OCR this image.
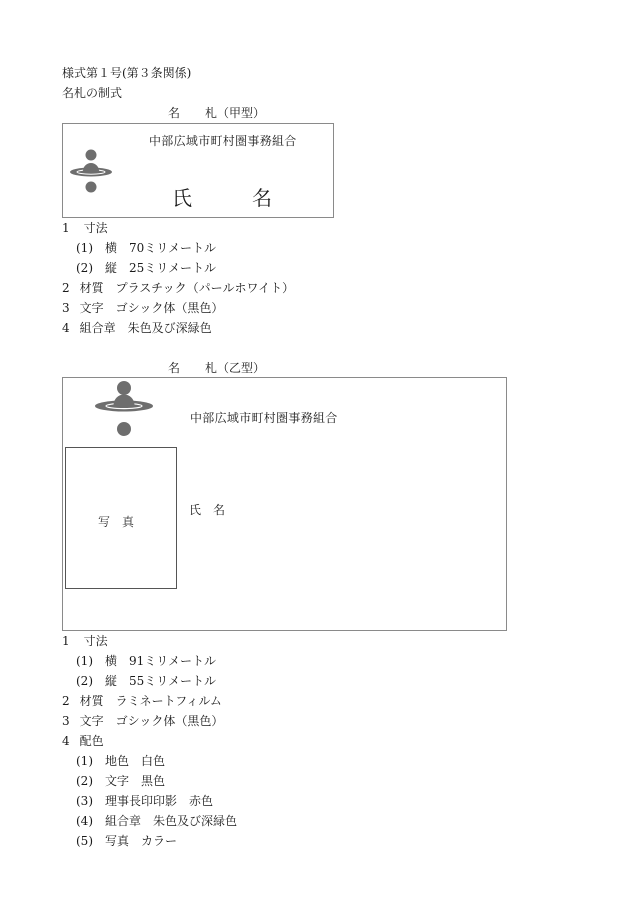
様式第１号(第３条関係)
名札の制式
名 札（甲型）
中部広域市町村圏事務組合
氏	名
1 寸法
(1) 横　70ミリメートル
(2) 縦　25ミリメートル
2 材質　プラスチック（パールホワイト）
3 文字　ゴシック体（黒色）
4 組合章　朱色及び深緑色
名 札（乙型）
中部広域市町村圏事務組合
写　真
氏　名
1 寸法
(1) 横　91ミリメートル
(2) 縦　55ミリメートル
2 材質　ラミネートフィルム
3 文字　ゴシック体（黒色）
4 配色
(1) 地色　白色
(2) 文字　黒色
(3) 理事長印印影　赤色
(4) 組合章　朱色及び深緑色
(5) 写真　カラー
